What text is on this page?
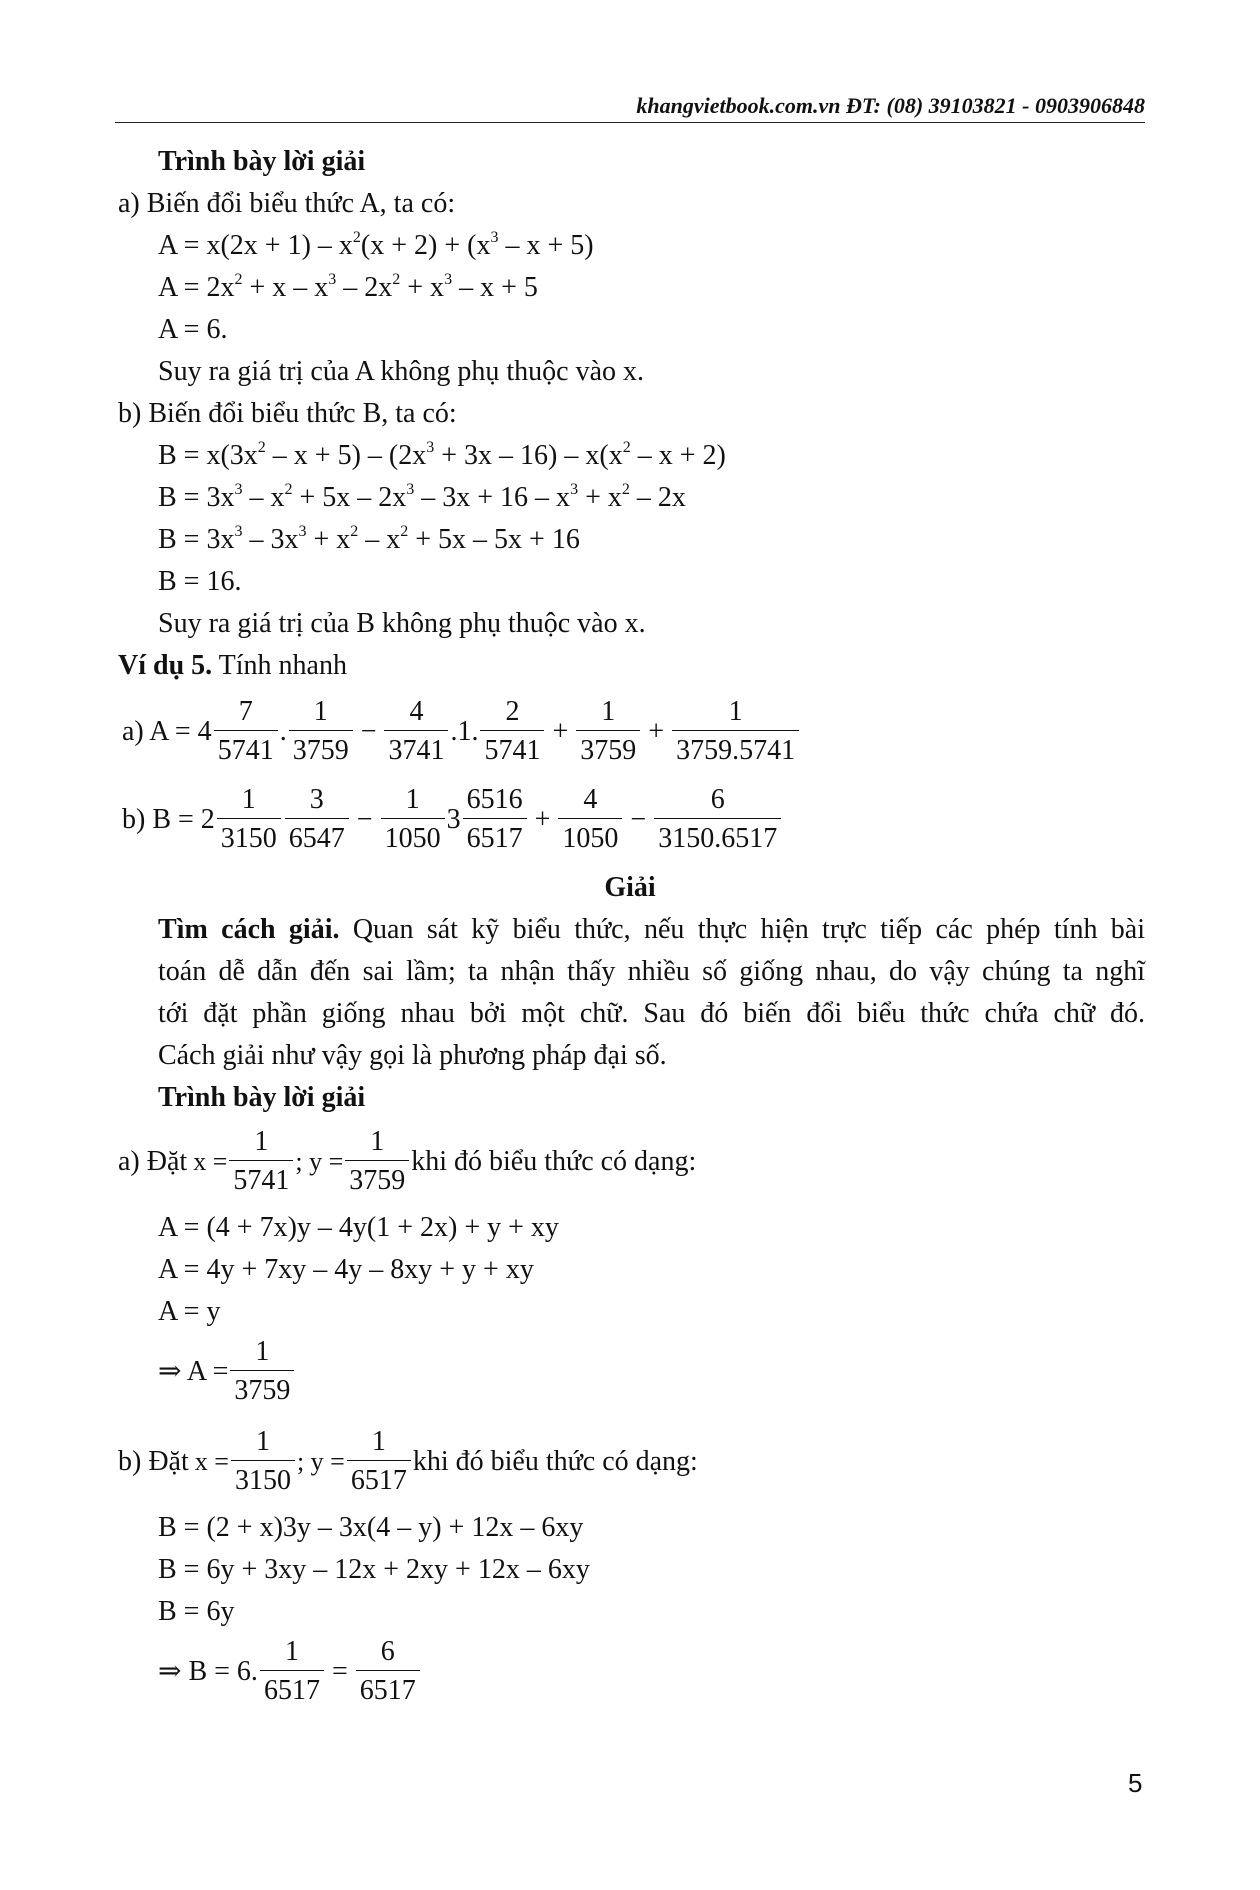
khangvietbook.com.vn ĐT: (08) 39103821 - 0903906848
Trình bày lời giải
a) Biến đổi biểu thức A, ta có:
$A = x(2x + 1) - x^2(x + 2) + (x^3 - x + 5)$
$A = 2x^2 + x - x^3 - 2x^2 + x^3 - x + 5$
A = 6.
Suy ra giá trị của A không phụ thuộc vào x.
b) Biến đổi biểu thức B, ta có:
$B = x(3x^2 - x + 5) - (2x^3 + 3x - 16) - x(x^2 - x + 2)$
$B = 3x^3 - x^2 + 5x - 2x^3 - 3x + 16 - x^3 + x^2 - 2x$
$B = 3x^3 - 3x^3 + x^2 - x^2 + 5x - 5x + 16$
B = 16.
Suy ra giá trị của B không phụ thuộc vào x.
Ví dụ 5. Tính nhanh
a) $A = 4 \frac{7}{5741}$ . $\frac{1}{3759} - \frac{4}{3741} .1$. $\frac{2}{5741} + \frac{1}{3759} + \frac{1}{3759.5741}$
b) $B = 2 \frac{1}{3150} \frac{3}{6547} - \frac{1}{1050} 3 \frac{6516}{6517} + \frac{4}{1050} - \frac{6}{3150.6517}$
Giải
Tìm cách giải. Quan sát kỹ biểu thức, nếu thực hiện trực tiếp các phép tính bài
toán dễ dẫn đến sai lầm; ta nhận thấy nhiều số giống nhau, do vậy chúng ta nghĩ
tới đặt phần giống nhau bởi một chữ. Sau đó biến đổi biểu thức chứa chữ đó.
Cách giải như vậy gọi là phương pháp đại số.
Trình bày lời giải
a) Đặt $x = \frac{1}{5741}$ ; $y = \frac{1}{3759}$ khi đó biểu thức có dạng:
A = (4 + 7x)y – 4y(1 + 2x) + y + xy
A = 4y + 7xy – 4y – 8xy + y + xy
A = y
⇒ $A = \frac{1}{3759}$
b) Đặt $x = \frac{1}{3150}$ ; $y = \frac{1}{6517}$ khi đó biểu thức có dạng:
B = (2 + x)3y – 3x(4 – y) + 12x – 6xy
B = 6y + 3xy – 12x + 2xy + 12x – 6xy
B = 6y
⇒ B = 6. $\frac{1}{6517} = \frac{6}{6517}$
5
